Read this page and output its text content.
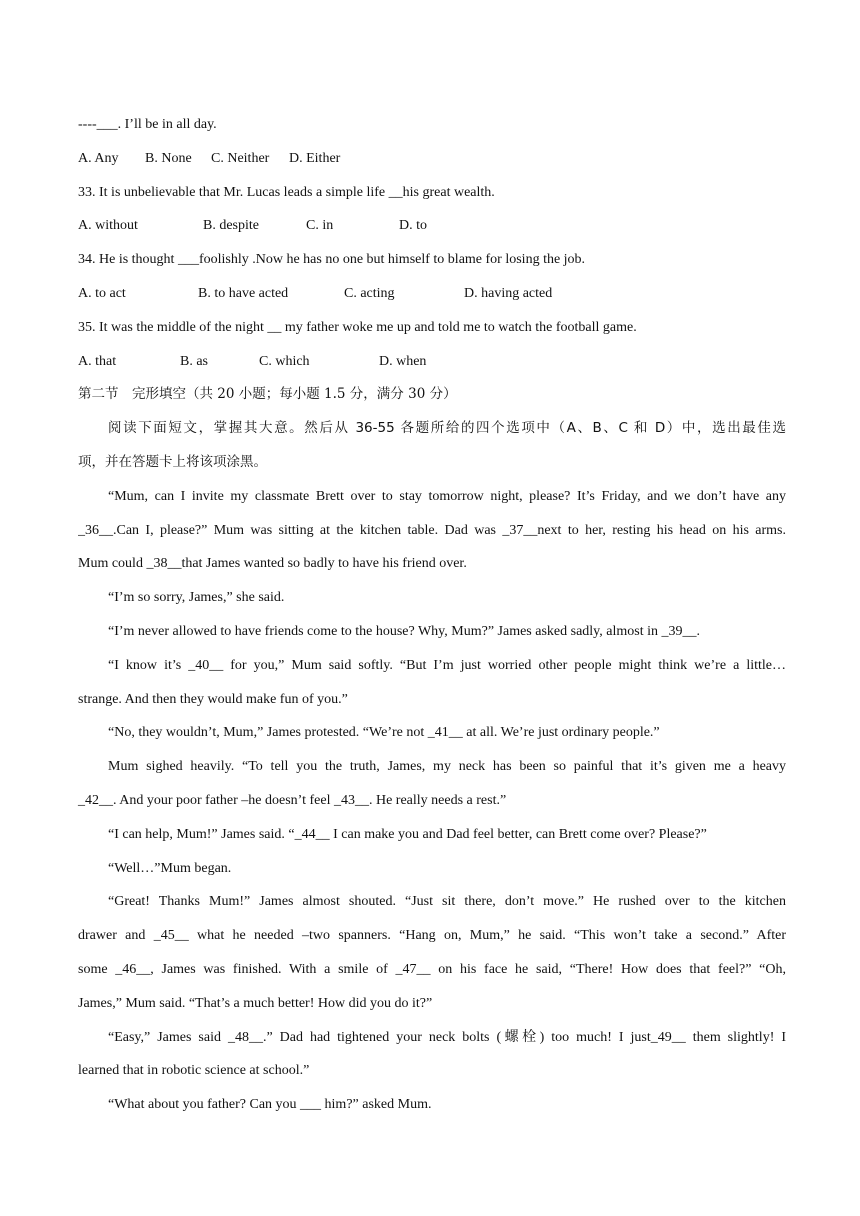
----___. I’ll be in all day.
A. Any B. None C. Neither D. Either
33. It is unbelievable that Mr. Lucas leads a simple life __his great wealth.
A. without	B. despite	C. in	D. to
34. He is thought ___foolishly .Now he has no one but himself to blame for losing the job.
A. to act	B. to have acted	C. acting	D. having acted
35. It was the middle of the night __ my father woke me up and told me to watch the football game.
A. that	B. as	C. which	D. when
第二节　完形填空（共 20 小题；每小题 1.5 分，满分 30 分）
阅读下面短文，掌握其大意。然后从 36-55 各题所给的四个选项中（A、B、C 和 D）中，选出最佳选
项，并在答题卡上将该项涂黑。
“Mum, can I invite my classmate Brett over to stay tomorrow night, please? It’s Friday, and we don’t have any
_36__.Can I, please?” Mum was sitting at the kitchen table. Dad was _37__next to her, resting his head on his arms.
Mum could _38__that James wanted so badly to have his friend over.
“I’m so sorry, James,” she said.
“I’m never allowed to have friends come to the house? Why, Mum?” James asked sadly, almost in _39__.
“I know it’s _40__ for you,” Mum said softly. “But I’m just worried other people might think we’re a little…
strange. And then they would make fun of you.”
“No, they wouldn’t, Mum,” James protested. “We’re not _41__ at all. We’re just ordinary people.”
Mum sighed heavily. “To tell you the truth, James, my neck has been so painful that it’s given me a heavy
_42__. And your poor father –he doesn’t feel _43__. He really needs a rest.”
“I can help, Mum!” James said. “_44__ I can make you and Dad feel better, can Brett come over? Please?”
“Well…”Mum began.
“Great! Thanks Mum!” James almost shouted. “Just sit there, don’t move.” He rushed over to the kitchen
drawer and _45__ what he needed –two spanners. “Hang on, Mum,” he said. “This won’t take a second.” After
some _46__, James was finished. With a smile of _47__ on his face he said, “There! How does that feel?” “Oh,
James,” Mum said. “That’s a much better! How did you do it?”
“Easy,” James said _48__.” Dad had tightened your neck bolts (螺栓) too much! I just_49__ them slightly! I
learned that in robotic science at school.”
“What about you father? Can you ___ him?” asked Mum.
